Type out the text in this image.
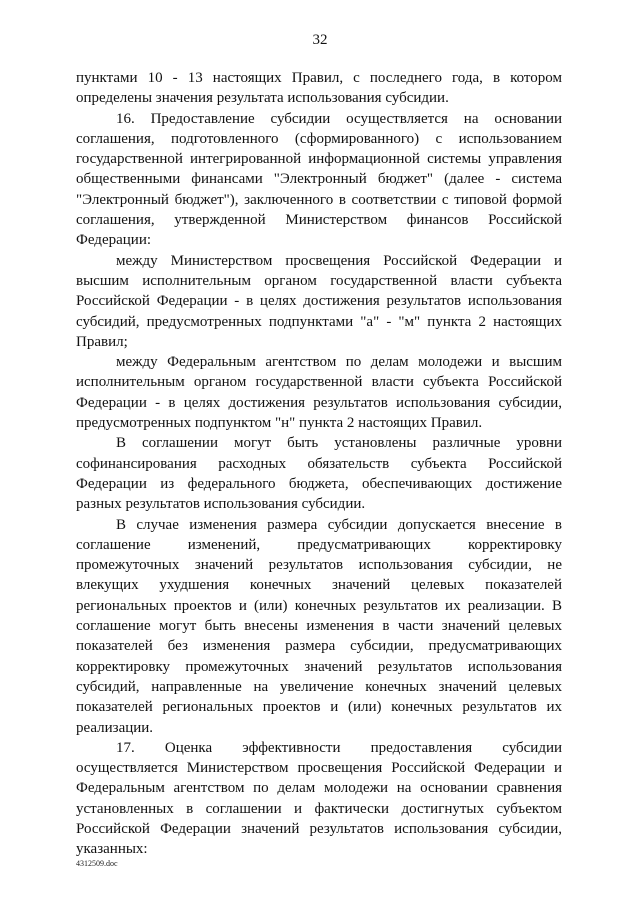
32

пунктами 10 - 13 настоящих Правил, с последнего года, в котором определены значения результата использования субсидии.

16. Предоставление субсидии осуществляется на основании соглашения, подготовленного (сформированного) с использованием государственной интегрированной информационной системы управления общественными финансами "Электронный бюджет" (далее - система "Электронный бюджет"), заключенного в соответствии с типовой формой соглашения, утвержденной Министерством финансов Российской Федерации:

между Министерством просвещения Российской Федерации и высшим исполнительным органом государственной власти субъекта Российской Федерации - в целях достижения результатов использования субсидий, предусмотренных подпунктами "а" - "м" пункта 2 настоящих Правил;

между Федеральным агентством по делам молодежи и высшим исполнительным органом государственной власти субъекта Российской Федерации - в целях достижения результатов использования субсидии, предусмотренных подпунктом "н" пункта 2 настоящих Правил.

В соглашении могут быть установлены различные уровни софинансирования расходных обязательств субъекта Российской Федерации из федерального бюджета, обеспечивающих достижение разных результатов использования субсидии.

В случае изменения размера субсидии допускается внесение в соглашение изменений, предусматривающих корректировку промежуточных значений результатов использования субсидии, не влекущих ухудшения конечных значений целевых показателей региональных проектов и (или) конечных результатов их реализации. В соглашение могут быть внесены изменения в части значений целевых показателей без изменения размера субсидии, предусматривающих корректировку промежуточных значений результатов использования субсидий, направленные на увеличение конечных значений целевых показателей региональных проектов и (или) конечных результатов их реализации.

17. Оценка эффективности предоставления субсидии осуществляется Министерством просвещения Российской Федерации и Федеральным агентством по делам молодежи на основании сравнения установленных в соглашении и фактически достигнутых субъектом Российской Федерации значений результатов использования субсидии, указанных:

4312509.doc
